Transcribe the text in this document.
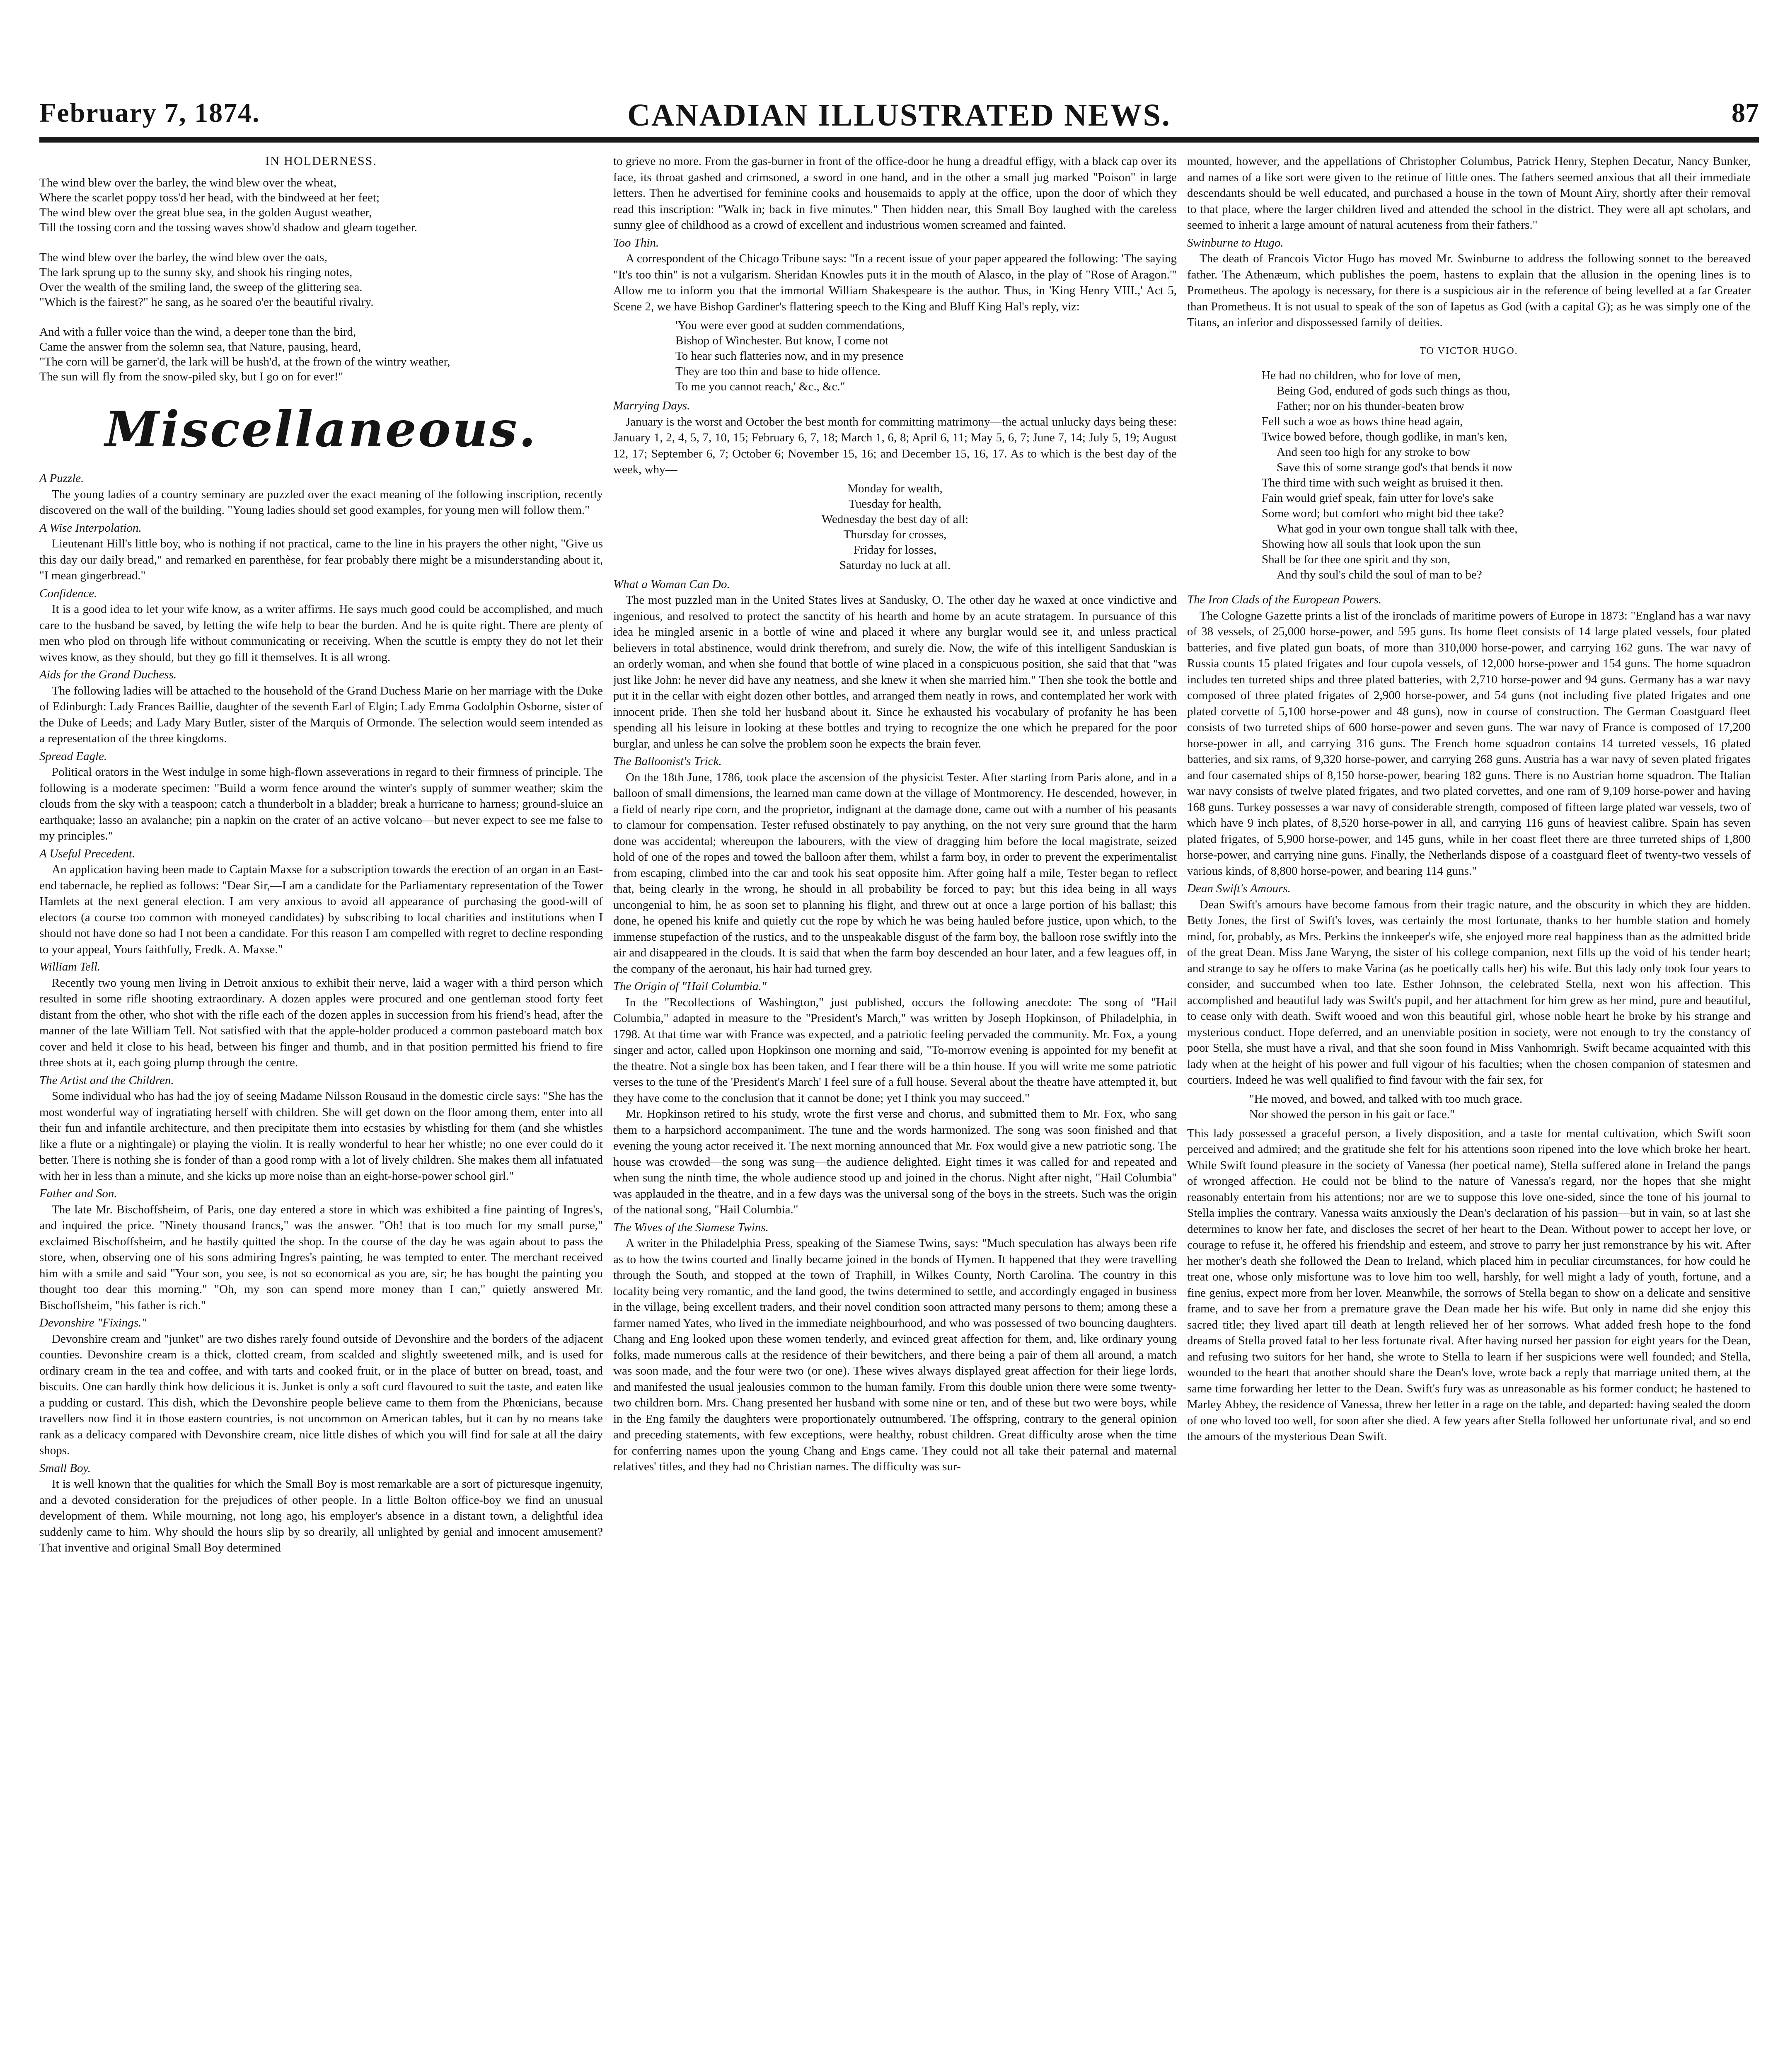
February 7, 1874.	CANADIAN ILLUSTRATED NEWS.	87
IN HOLDERNESS.
The wind blew over the barley, the wind blew over the wheat,
Where the scarlet poppy toss'd her head, with the bindweed at her feet;
The wind blew over the great blue sea, in the golden August weather,
Till the tossing corn and the tossing waves show'd shadow and gleam together.

The wind blew over the barley, the wind blew over the oats,
The lark sprung up to the sunny sky, and shook his ringing notes,
Over the wealth of the smiling land, the sweep of the glittering sea.
"Which is the fairest?" he sang, as he soared o'er the beautiful rivalry.

And with a fuller voice than the wind, a deeper tone than the bird,
Came the answer from the solemn sea, that Nature, pausing, heard,
"The corn will be garner'd, the lark will be hush'd, at the frown of the wintry weather,
The sun will fly from the snow-piled sky, but I go on for ever!"
Miscellaneous.
A Puzzle.

The young ladies of a country seminary are puzzled over the exact meaning of the following inscription, recently discovered on the wall of the building. "Young ladies should set good examples, for young men will follow them."

A Wise Interpolation.

Lieutenant Hill's little boy, who is nothing if not practical, came to the line in his prayers the other night, "Give us this day our daily bread," and remarked en parenthèse, for fear probably there might be a misunderstanding about it, "I mean gingerbread."

Confidence.

It is a good idea to let your wife know, as a writer affirms. He says much good could be accomplished, and much care to the husband be saved, by letting the wife help to bear the burden. And he is quite right. There are plenty of men who plod on through life without communicating or receiving. When the scuttle is empty they do not let their wives know, as they should, but they go fill it themselves. It is all wrong.

Aids for the Grand Duchess.

The following ladies will be attached to the household of the Grand Duchess Marie on her marriage with the Duke of Edinburgh: Lady Frances Baillie, daughter of the seventh Earl of Elgin; Lady Emma Godolphin Osborne, sister of the Duke of Leeds; and Lady Mary Butler, sister of the Marquis of Ormonde. The selection would seem intended as a representation of the three kingdoms.

Spread Eagle.

Political orators in the West indulge in some high-flown asseverations in regard to their firmness of principle. The following is a moderate specimen: "Build a worm fence around the winter's supply of summer weather; skim the clouds from the sky with a teaspoon; catch a thunderbolt in a bladder; break a hurricane to harness; ground-sluice an earthquake; lasso an avalanche; pin a napkin on the crater of an active volcano—but never expect to see me false to my principles."

A Useful Precedent.

An application having been made to Captain Maxse for a subscription towards the erection of an organ in an East-end tabernacle, he replied as follows: "Dear Sir,—I am a candidate for the Parliamentary representation of the Tower Hamlets at the next general election. I am very anxious to avoid all appearance of purchasing the good-will of electors (a course too common with moneyed candidates) by subscribing to local charities and institutions when I should not have done so had I not been a candidate. For this reason I am compelled with regret to decline responding to your appeal, Yours faithfully, Fredk. A. Maxse."

William Tell.

Recently two young men living in Detroit anxious to exhibit their nerve, laid a wager with a third person which resulted in some rifle shooting extraordinary. A dozen apples were procured and one gentleman stood forty feet distant from the other, who shot with the rifle each of the dozen apples in succession from his friend's head, after the manner of the late William Tell. Not satisfied with that the apple-holder produced a common pasteboard match box cover and held it close to his head, between his finger and thumb, and in that position permitted his friend to fire three shots at it, each going plump through the centre.

The Artist and the Children.

Some individual who has had the joy of seeing Madame Nilsson Rousaud in the domestic circle says: "She has the most wonderful way of ingratiating herself with children. She will get down on the floor among them, enter into all their fun and infantile architecture, and then precipitate them into ecstasies by whistling for them (and she whistles like a flute or a nightingale) or playing the violin. It is really wonderful to hear her whistle; no one ever could do it better. There is nothing she is fonder of than a good romp with a lot of lively children. She makes them all infatuated with her in less than a minute, and she kicks up more noise than an eight-horse-power school girl."

Father and Son.

The late Mr. Bischoffsheim, of Paris, one day entered a store in which was exhibited a fine painting of Ingres's, and inquired the price. "Ninety thousand francs," was the answer. "Oh! that is too much for my small purse," exclaimed Bischoffsheim, and he hastily quitted the shop. In the course of the day he was again about to pass the store, when, observing one of his sons admiring Ingres's painting, he was tempted to enter. The merchant received him with a smile and said "Your son, you see, is not so economical as you are, sir; he has bought the painting you thought too dear this morning." "Oh, my son can spend more money than I can," quietly answered Mr. Bischoffsheim, "his father is rich."

Devonshire "Fixings."

Devonshire cream and "junket" are two dishes rarely found outside of Devonshire and the borders of the adjacent counties. Devonshire cream is a thick, clotted cream, from scalded and slightly sweetened milk, and is used for ordinary cream in the tea and coffee, and with tarts and cooked fruit, or in the place of butter on bread, toast, and biscuits. One can hardly think how delicious it is. Junket is only a soft curd flavoured to suit the taste, and eaten like a pudding or custard. This dish, which the Devonshire people believe came to them from the Phœnicians, because travellers now find it in those eastern countries, is not uncommon on American tables, but it can by no means take rank as a delicacy compared with Devonshire cream, nice little dishes of which you will find for sale at all the dairy shops.

Small Boy.

It is well known that the qualities for which the Small Boy is most remarkable are a sort of picturesque ingenuity, and a devoted consideration for the prejudices of other people. In a little Bolton office-boy we find an unusual development of them. While mourning, not long ago, his employer's absence in a distant town, a delightful idea suddenly came to him. Why should the hours slip by so drearily, all unlighted by genial and innocent amusement? That inventive and original Small Boy determined

to grieve no more. From the gas-burner in front of the office-door he hung a dreadful effigy, with a black cap over its face, its throat gashed and crimsoned, a sword in one hand, and in the other a small jug marked "Poison" in large letters. Then he advertised for feminine cooks and housemaids to apply at the office, upon the door of which they read this inscription: "Walk in; back in five minutes." Then hidden near, this Small Boy laughed with the careless sunny glee of childhood as a crowd of excellent and industrious women screamed and fainted.

Too Thin.

A correspondent of the Chicago Tribune says: "In a recent issue of your paper appeared the following: 'The saying "It's too thin" is not a vulgarism. Sheridan Knowles puts it in the mouth of Alasco, in the play of "Rose of Aragon."' Allow me to inform you that the immortal William Shakespeare is the author. Thus, in 'King Henry VIII.,' Act 5, Scene 2, we have Bishop Gardiner's flattering speech to the King and Bluff King Hal's reply, viz:

'You were ever good at sudden commendations,
Bishop of Winchester. But know, I come not
To hear such flatteries now, and in my presence
They are too thin and base to hide offence.
To me you cannot reach,' &c., &c."
Marrying Days.

January is the worst and October the best month for committing matrimony—the actual unlucky days being these: January 1, 2, 4, 5, 7, 10, 15; February 6, 7, 18; March 1, 6, 8; April 6, 11; May 5, 6, 7; June 7, 14; July 5, 19; August 12, 17; September 6, 7; October 6; November 15, 16; and December 15, 16, 17. As to which is the best day of the week, why—

Monday for wealth,
Tuesday for health,
Wednesday the best day of all:
Thursday for crosses,
Friday for losses,
Saturday no luck at all.
What a Woman Can Do.

The most puzzled man in the United States lives at Sandusky, O. The other day he waxed at once vindictive and ingenious, and resolved to protect the sanctity of his hearth and home by an acute stratagem. In pursuance of this idea he mingled arsenic in a bottle of wine and placed it where any burglar would see it, and unless practical believers in total abstinence, would drink therefrom, and surely die. Now, the wife of this intelligent Sanduskian is an orderly woman, and when she found that bottle of wine placed in a conspicuous position, she said that that "was just like John: he never did have any neatness, and she knew it when she married him." Then she took the bottle and put it in the cellar with eight dozen other bottles, and arranged them neatly in rows, and contemplated her work with innocent pride. Then she told her husband about it. Since he exhausted his vocabulary of profanity he has been spending all his leisure in looking at these bottles and trying to recognize the one which he prepared for the poor burglar, and unless he can solve the problem soon he expects the brain fever.

The Balloonist's Trick.

On the 18th June, 1786, took place the ascension of the physicist Tester. After starting from Paris alone, and in a balloon of small dimensions, the learned man came down at the village of Montmorency. He descended, however, in a field of nearly ripe corn, and the proprietor, indignant at the damage done, came out with a number of his peasants to clamour for compensation. Tester refused obstinately to pay anything, on the not very sure ground that the harm done was accidental; whereupon the labourers, with the view of dragging him before the local magistrate, seized hold of one of the ropes and towed the balloon after them, whilst a farm boy, in order to prevent the experimentalist from escaping, climbed into the car and took his seat opposite him. After going half a mile, Tester began to reflect that, being clearly in the wrong, he should in all probability be forced to pay; but this idea being in all ways uncongenial to him, he as soon set to planning his flight, and threw out at once a large portion of his ballast; this done, he opened his knife and quietly cut the rope by which he was being hauled before justice, upon which, to the immense stupefaction of the rustics, and to the unspeakable disgust of the farm boy, the balloon rose swiftly into the air and disappeared in the clouds. It is said that when the farm boy descended an hour later, and a few leagues off, in the company of the aeronaut, his hair had turned grey.

The Origin of "Hail Columbia."

In the "Recollections of Washington," just published, occurs the following anecdote: The song of "Hail Columbia," adapted in measure to the "President's March," was written by Joseph Hopkinson, of Philadelphia, in 1798. At that time war with France was expected, and a patriotic feeling pervaded the community. Mr. Fox, a young singer and actor, called upon Hopkinson one morning and said, "To-morrow evening is appointed for my benefit at the theatre. Not a single box has been taken, and I fear there will be a thin house. If you will write me some patriotic verses to the tune of the 'President's March' I feel sure of a full house. Several about the theatre have attempted it, but they have come to the conclusion that it cannot be done; yet I think you may succeed."

Mr. Hopkinson retired to his study, wrote the first verse and chorus, and submitted them to Mr. Fox, who sang them to a harpsichord accompaniment. The tune and the words harmonized. The song was soon finished and that evening the young actor received it. The next morning announced that Mr. Fox would give a new patriotic song. The house was crowded—the song was sung—the audience delighted. Eight times it was called for and repeated and when sung the ninth time, the whole audience stood up and joined in the chorus. Night after night, "Hail Columbia" was applauded in the theatre, and in a few days was the universal song of the boys in the streets. Such was the origin of the national song, "Hail Columbia."

The Wives of the Siamese Twins.

A writer in the Philadelphia Press, speaking of the Siamese Twins, says: "Much speculation has always been rife as to how the twins courted and finally became joined in the bonds of Hymen. It happened that they were travelling through the South, and stopped at the town of Traphill, in Wilkes County, North Carolina. The country in this locality being very romantic, and the land good, the twins determined to settle, and accordingly engaged in business in the village, being excellent traders, and their novel condition soon attracted many persons to them; among these a farmer named Yates, who lived in the immediate neighbourhood, and who was possessed of two bouncing daughters. Chang and Eng looked upon these women tenderly, and evinced great affection for them, and, like ordinary young folks, made numerous calls at the residence of their bewitchers, and there being a pair of them all around, a match was soon made, and the four were two (or one). These wives always displayed great affection for their liege lords, and manifested the usual jealousies common to the human family. From this double union there were some twenty-two children born. Mrs. Chang presented her husband with some nine or ten, and of these but two were boys, while in the Eng family the daughters were proportionately outnumbered. The offspring, contrary to the general opinion and preceding statements, with few exceptions, were healthy, robust children. Great difficulty arose when the time for conferring names upon the young Chang and Engs came. They could not all take their paternal and maternal relatives' titles, and they had no Christian names. The difficulty was sur-

mounted, however, and the appellations of Christopher Columbus, Patrick Henry, Stephen Decatur, Nancy Bunker, and names of a like sort were given to the retinue of little ones. The fathers seemed anxious that all their immediate descendants should be well educated, and purchased a house in the town of Mount Airy, shortly after their removal to that place, where the larger children lived and attended the school in the district. They were all apt scholars, and seemed to inherit a large amount of natural acuteness from their fathers."

Swinburne to Hugo.

The death of Francois Victor Hugo has moved Mr. Swinburne to address the following sonnet to the bereaved father. The Athenæum, which publishes the poem, hastens to explain that the allusion in the opening lines is to Prometheus. The apology is necessary, for there is a suspicious air in the reference of being levelled at a far Greater than Prometheus. It is not usual to speak of the son of Iapetus as God (with a capital G); as he was simply one of the Titans, an inferior and dispossessed family of deities.

TO VICTOR HUGO.
He had no children, who for love of men,
Being God, endured of gods such things as thou,
Father; nor on his thunder-beaten brow
Fell such a woe as bows thine head again,
Twice bowed before, though godlike, in man's ken,
And seen too high for any stroke to bow
Save this of some strange god's that bends it now
The third time with such weight as bruised it then.
Fain would grief speak, fain utter for love's sake
Some word; but comfort who might bid thee take?
What god in your own tongue shall talk with thee,
Showing how all souls that look upon the sun
Shall be for thee one spirit and thy son,
And thy soul's child the soul of man to be?
The Iron Clads of the European Powers.

The Cologne Gazette prints a list of the ironclads of maritime powers of Europe in 1873: "England has a war navy of 38 vessels, of 25,000 horse-power, and 595 guns. Its home fleet consists of 14 large plated vessels, four plated batteries, and five plated gun boats, of more than 310,000 horse-power, and carrying 162 guns. The war navy of Russia counts 15 plated frigates and four cupola vessels, of 12,000 horse-power and 154 guns. The home squadron includes ten turreted ships and three plated batteries, with 2,710 horse-power and 94 guns. Germany has a war navy composed of three plated frigates of 2,900 horse-power, and 54 guns (not including five plated frigates and one plated corvette of 5,100 horse-power and 48 guns), now in course of construction. The German Coastguard fleet consists of two turreted ships of 600 horse-power and seven guns. The war navy of France is composed of 17,200 horse-power in all, and carrying 316 guns. The French home squadron contains 14 turreted vessels, 16 plated batteries, and six rams, of 9,320 horse-power, and carrying 268 guns. Austria has a war navy of seven plated frigates and four casemated ships of 8,150 horse-power, bearing 182 guns. There is no Austrian home squadron. The Italian war navy consists of twelve plated frigates, and two plated corvettes, and one ram of 9,109 horse-power and having 168 guns. Turkey possesses a war navy of considerable strength, composed of fifteen large plated war vessels, two of which have 9 inch plates, of 8,520 horse-power in all, and carrying 116 guns of heaviest calibre. Spain has seven plated frigates, of 5,900 horse-power, and 145 guns, while in her coast fleet there are three turreted ships of 1,800 horse-power, and carrying nine guns. Finally, the Netherlands dispose of a coastguard fleet of twenty-two vessels of various kinds, of 8,800 horse-power, and bearing 114 guns."

Dean Swift's Amours.

Dean Swift's amours have become famous from their tragic nature, and the obscurity in which they are hidden. Betty Jones, the first of Swift's loves, was certainly the most fortunate, thanks to her humble station and homely mind, for, probably, as Mrs. Perkins the innkeeper's wife, she enjoyed more real happiness than as the admitted bride of the great Dean. Miss Jane Waryng, the sister of his college companion, next fills up the void of his tender heart; and strange to say he offers to make Varina (as he poetically calls her) his wife. But this lady only took four years to consider, and succumbed when too late. Esther Johnson, the celebrated Stella, next won his affection. This accomplished and beautiful lady was Swift's pupil, and her attachment for him grew as her mind, pure and beautiful, to cease only with death. Swift wooed and won this beautiful girl, whose noble heart he broke by his strange and mysterious conduct. Hope deferred, and an unenviable position in society, were not enough to try the constancy of poor Stella, she must have a rival, and that she soon found in Miss Vanhomrigh. Swift became acquainted with this lady when at the height of his power and full vigour of his faculties; when the chosen companion of statesmen and courtiers. Indeed he was well qualified to find favour with the fair sex, for

"He moved, and bowed, and talked with too much grace.
Nor showed the person in his gait or face."

This lady possessed a graceful person, a lively disposition, and a taste for mental cultivation, which Swift soon perceived and admired; and the gratitude she felt for his attentions soon ripened into the love which broke her heart. While Swift found pleasure in the society of Vanessa (her poetical name), Stella suffered alone in Ireland the pangs of wronged affection. He could not be blind to the nature of Vanessa's regard, nor the hopes that she might reasonably entertain from his attentions; nor are we to suppose this love one-sided, since the tone of his journal to Stella implies the contrary. Vanessa waits anxiously the Dean's declaration of his passion—but in vain, so at last she determines to know her fate, and discloses the secret of her heart to the Dean. Without power to accept her love, or courage to refuse it, he offered his friendship and esteem, and strove to parry her just remonstrance by his wit. After her mother's death she followed the Dean to Ireland, which placed him in peculiar circumstances, for how could he treat one, whose only misfortune was to love him too well, harshly, for well might a lady of youth, fortune, and a fine genius, expect more from her lover. Meanwhile, the sorrows of Stella began to show on a delicate and sensitive frame, and to save her from a premature grave the Dean made her his wife. But only in name did she enjoy this sacred title; they lived apart till death at length relieved her of her sorrows. What added fresh hope to the fond dreams of Stella proved fatal to her less fortunate rival. After having nursed her passion for eight years for the Dean, and refusing two suitors for her hand, she wrote to Stella to learn if her suspicions were well founded; and Stella, wounded to the heart that another should share the Dean's love, wrote back a reply that marriage united them, at the same time forwarding her letter to the Dean. Swift's fury was as unreasonable as his former conduct; he hastened to Marley Abbey, the residence of Vanessa, threw her letter in a rage on the table, and departed: having sealed the doom of one who loved too well, for soon after she died. A few years after Stella followed her unfortunate rival, and so end the amours of the mysterious Dean Swift.
